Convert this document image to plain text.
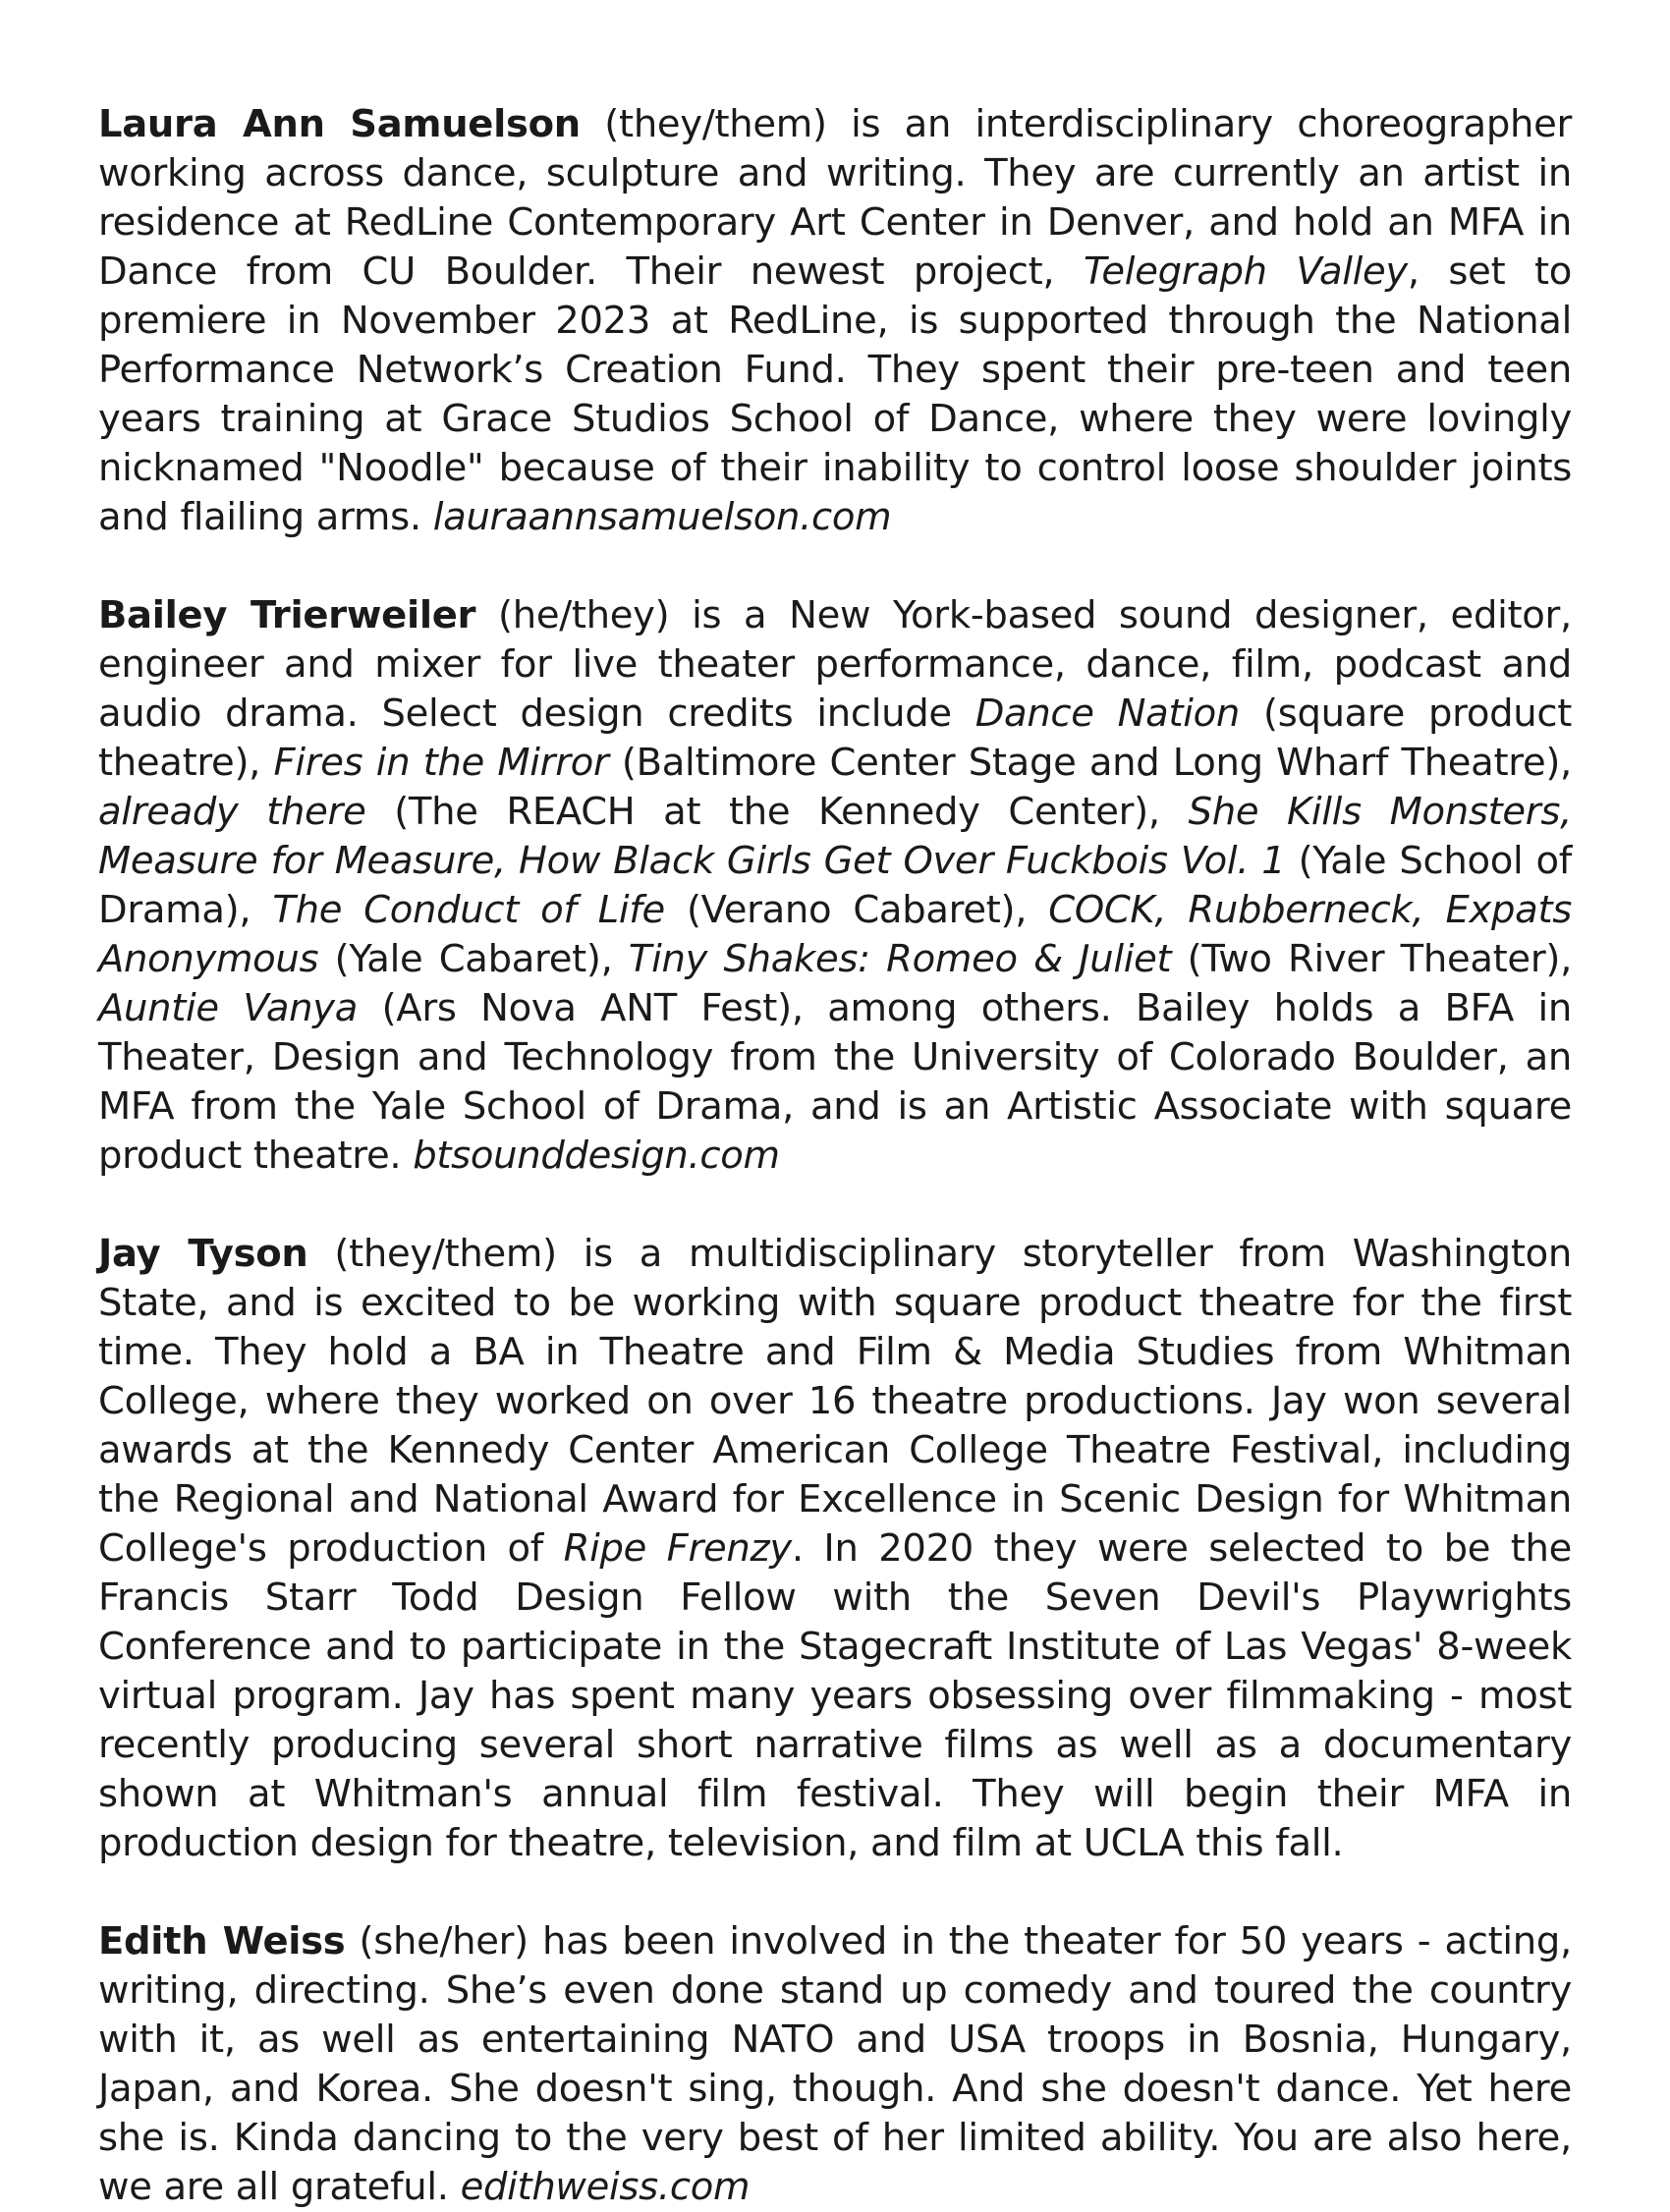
Laura Ann Samuelson (they/them) is an interdisciplinary choreographer working across dance, sculpture and writing. They are currently an artist in residence at RedLine Contemporary Art Center in Denver, and hold an MFA in Dance from CU Boulder. Their newest project, Telegraph Valley, set to premiere in November 2023 at RedLine, is supported through the National Performance Network’s Creation Fund. They spent their pre-teen and teen years training at Grace Studios School of Dance, where they were lovingly nicknamed "Noodle" because of their inability to control loose shoulder joints and flailing arms. lauraannsamuelson.com

Bailey Trierweiler (he/they) is a New York-based sound designer, editor, engineer and mixer for live theater performance, dance, film, podcast and audio drama. Select design credits include Dance Nation (square product theatre), Fires in the Mirror (Baltimore Center Stage and Long Wharf Theatre), already there (The REACH at the Kennedy Center), She Kills Monsters, Measure for Measure, How Black Girls Get Over Fuckbois Vol. 1 (Yale School of Drama), The Conduct of Life (Verano Cabaret), COCK, Rubberneck, Expats Anonymous (Yale Cabaret), Tiny Shakes: Romeo & Juliet (Two River Theater), Auntie Vanya (Ars Nova ANT Fest), among others. Bailey holds a BFA in Theater, Design and Technology from the University of Colorado Boulder, an MFA from the Yale School of Drama, and is an Artistic Associate with square product theatre. btsounddesign.com

Jay Tyson (they/them) is a multidisciplinary storyteller from Washington State, and is excited to be working with square product theatre for the first time. They hold a BA in Theatre and Film & Media Studies from Whitman College, where they worked on over 16 theatre productions. Jay won several awards at the Kennedy Center American College Theatre Festival, including the Regional and National Award for Excellence in Scenic Design for Whitman College's production of Ripe Frenzy. In 2020 they were selected to be the Francis Starr Todd Design Fellow with the Seven Devil's Playwrights Conference and to participate in the Stagecraft Institute of Las Vegas' 8-week virtual program. Jay has spent many years obsessing over filmmaking - most recently producing several short narrative films as well as a documentary shown at Whitman's annual film festival. They will begin their MFA in production design for theatre, television, and film at UCLA this fall.

Edith Weiss (she/her) has been involved in the theater for 50 years - acting, writing, directing. She’s even done stand up comedy and toured the country with it, as well as entertaining NATO and USA troops in Bosnia, Hungary, Japan, and Korea. She doesn't sing, though. And she doesn't dance. Yet here she is. Kinda dancing to the very best of her limited ability. You are also here, we are all grateful. edithweiss.com
